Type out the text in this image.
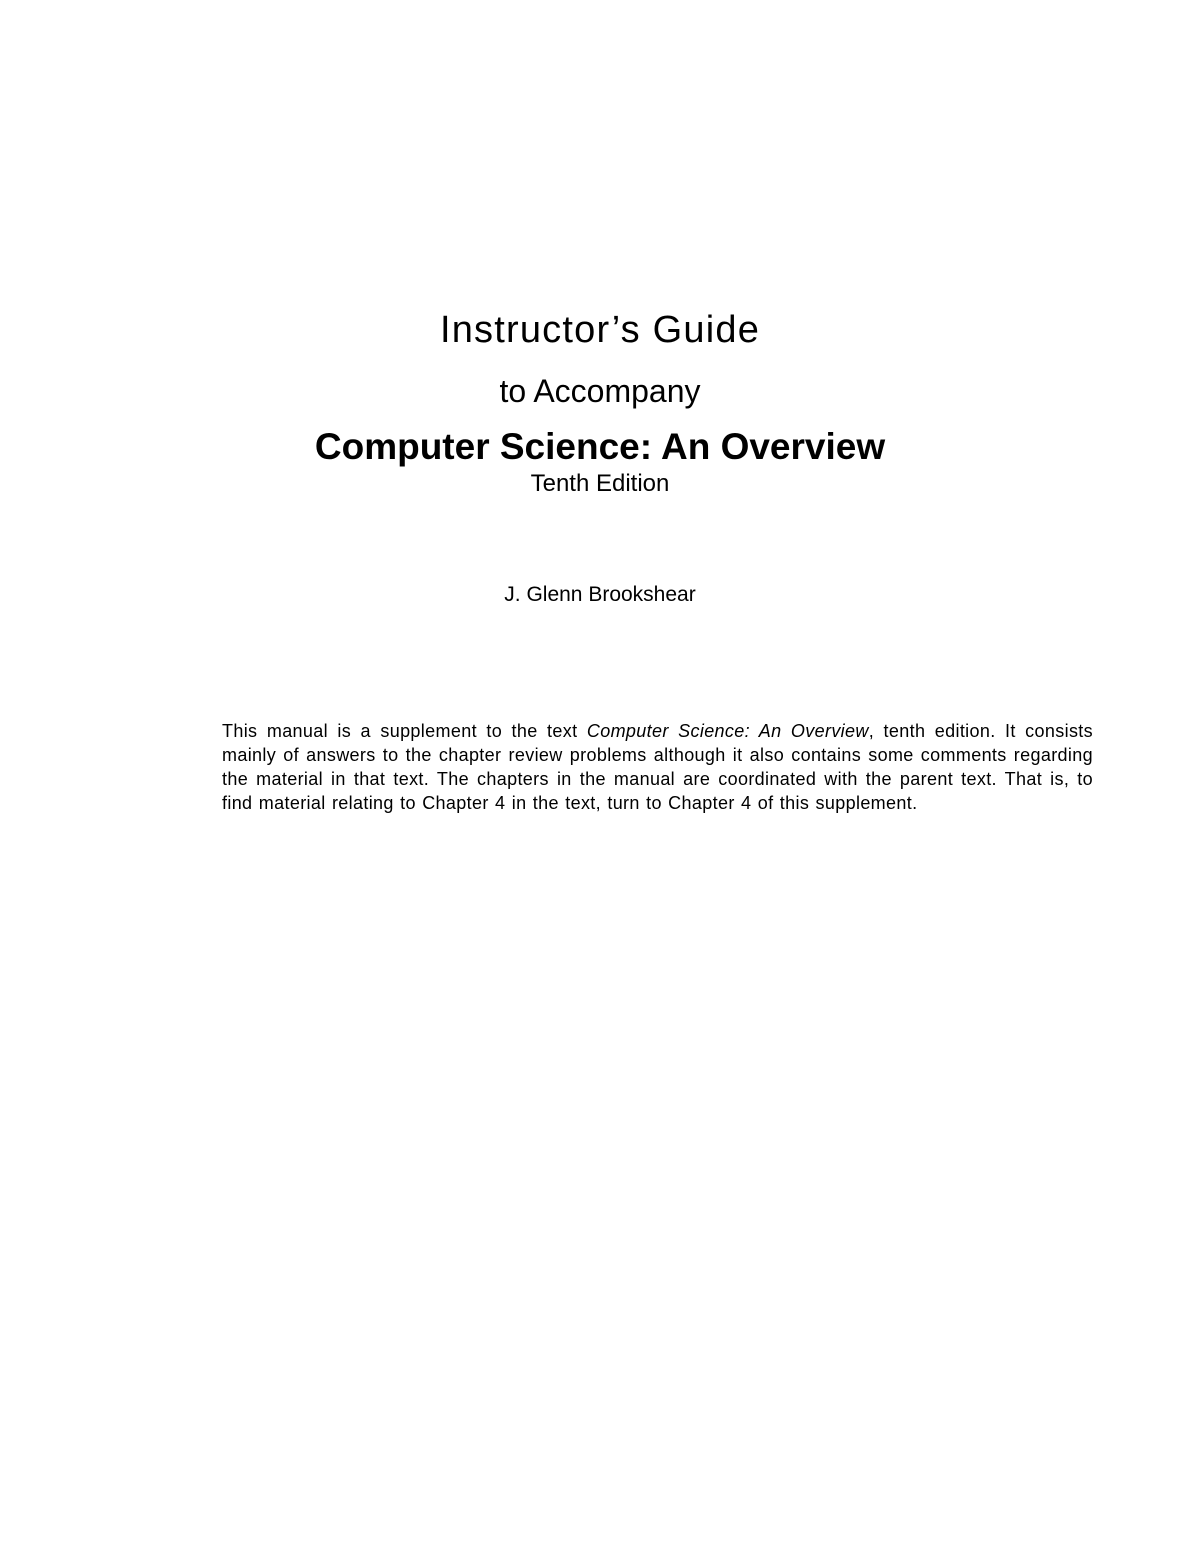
Instructor’s Guide
to Accompany
Computer Science: An Overview
Tenth Edition
J. Glenn Brookshear

This manual is a supplement to the text Computer Science: An Overview, tenth edition. It consists mainly of answers to the chapter review problems although it also contains some comments regarding the material in that text. The chapters in the manual are coordinated with the parent text. That is, to find material relating to Chapter 4 in the text, turn to Chapter 4 of this supplement.
